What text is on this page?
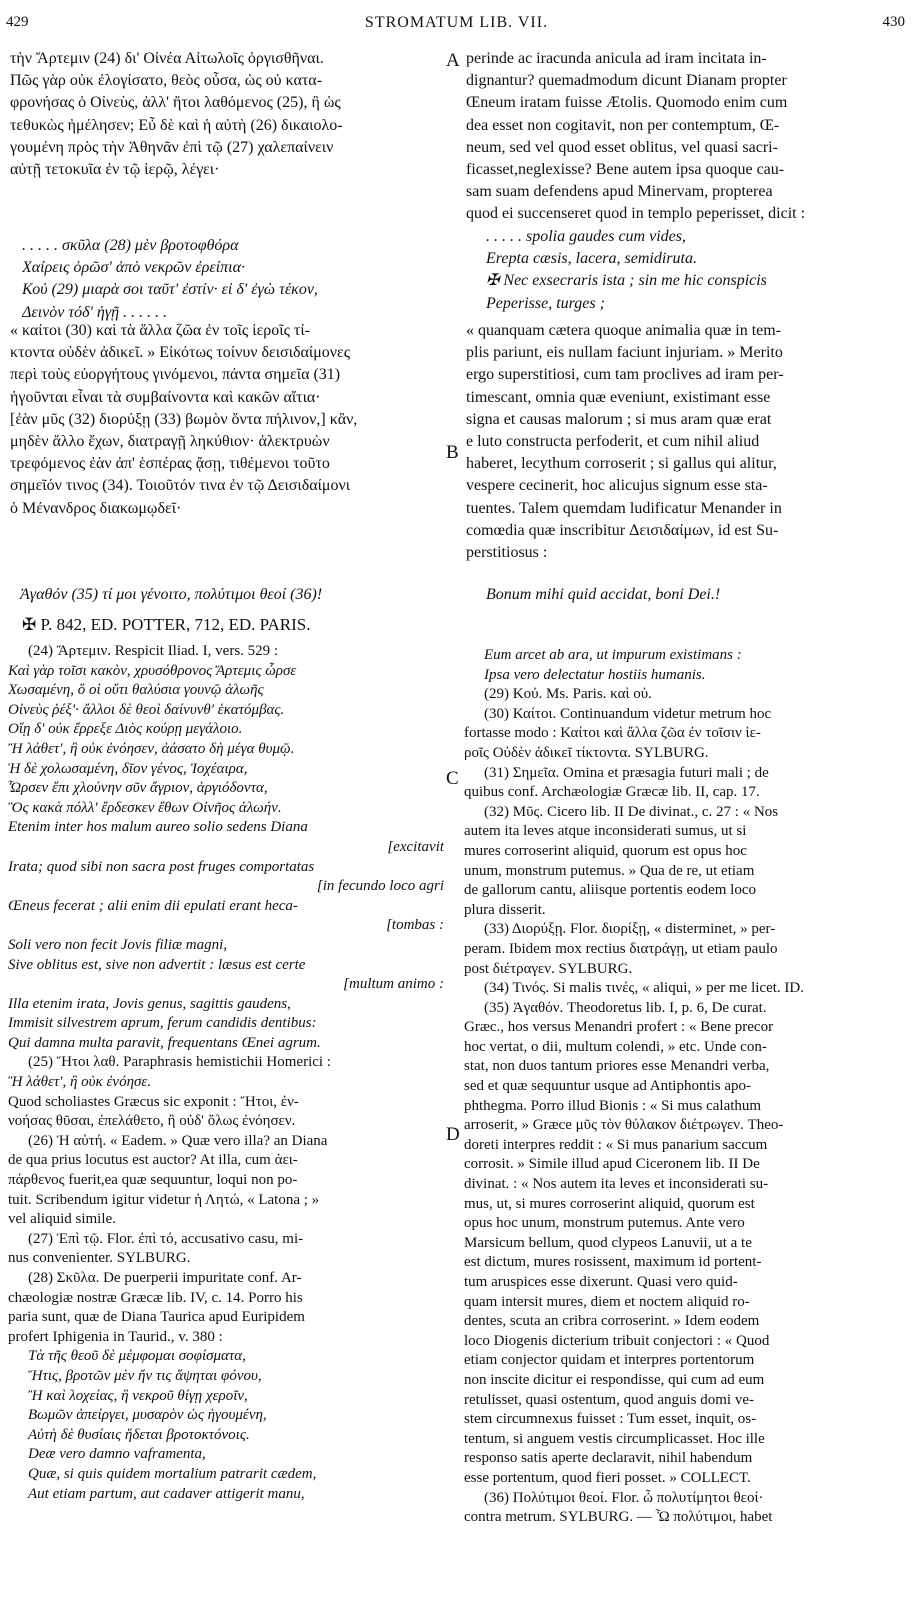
429	STROMATUM LIB. VII.	430
A
B
C
D
τὴν Ἄρτεμιν (24) δι' Οἰνέα Αἰτωλοῖς ὀργισθῆναι.
Πῶς γὰρ οὐκ ἐλογίσατο, θεὸς οὖσα, ὡς οὐ κατα-
φρονήσας ὁ Οἰνεὺς, ἀλλ' ἤτοι λαθόμενος (25), ἢ ὡς
τεθυκὼς ἠμέλησεν; Εὖ δὲ καὶ ἡ αὐτὴ (26) δικαιολο-
γουμένη πρὸς τὴν Ἀθηνᾶν ἐπὶ τῷ (27) χαλεπαίνειν
αὐτῇ τετοκυῖα ἐν τῷ ἱερῷ, λέγει·
. . . . . σκῦλα (28) μὲν βροτοφθόρα
Χαίρεις ὁρῶσ' ἀπὸ νεκρῶν ἐρείπια·
Κοὐ (29) μιαρὰ σοι ταῦτ' ἐστίν· εἰ δ' ἐγὼ τέκον,
Δεινὸν τόδ' ἡγῇ . . . . . .
« καίτοι (30) καὶ τὰ ἄλλα ζῶα ἐν τοῖς ἱεροῖς τί-
κτοντα οὐδὲν ἀδικεῖ. » Εἰκότως τοίνυν δεισιδαίμονες
περὶ τοὺς εὐοργήτους γινόμενοι, πάντα σημεῖα (31)
ἡγοῦνται εἶναι τὰ συμβαίνοντα καὶ κακῶν αἴτια·
[ἐὰν μῦς (32) διορύξῃ (33) βωμὸν ὄντα πήλινον,] κἂν,
μηδὲν ἄλλο ἔχων, διατραγῇ ληκύθιον· ἀλεκτρυὼν
τρεφόμενος ἐὰν ἀπ' ἑσπέρας ᾄσῃ, τιθέμενοι τοῦτο
σημεῖόν τινος (34). Τοιοῦτόν τινα ἐν τῷ Δεισιδαίμονι
ὁ Μένανδρος διακωμῳδεῖ·
Ἀγαθόν (35) τί μοι γένοιτο, πολύτιμοι θεοί (36)!
perinde ac iracunda anicula ad iram incitata in-
dignantur? quemadmodum dicunt Dianam propter
Œneum iratam fuisse Ætolis. Quomodo enim cum
dea esset non cogitavit, non per contemptum, Œ-
neum, sed vel quod esset oblitus, vel quasi sacri-
ficasset,neglexisse? Bene autem ipsa quoque cau-
sam suam defendens apud Minervam, propterea
quod ei succenseret quod in templo peperisset, dicit :
. . . . . spolia gaudes cum vides,
Erepta cæsis, lacera, semidiruta.
✠ Nec exsecraris ista ; sin me hic conspicis
Peperisse, turges ;
« quanquam cætera quoque animalia quæ in tem-
plis pariunt, eis nullam faciunt injuriam. » Merito
ergo superstitiosi, cum tam proclives ad iram per-
timescant, omnia quæ eveniunt, existimant esse
signa et causas malorum ; si mus aram quæ erat
e luto constructa perfoderit, et cum nihil aliud
haberet, lecythum corroserit ; si gallus qui alitur,
vespere cecinerit, hoc alicujus signum esse sta-
tuentes. Talem quemdam ludificatur Menander in
comœdia quæ inscribitur Δεισιδαίμων, id est Su-
perstitiosus :
Bonum mihi quid accidat, boni Dei.!
✠ P. 842, ED. POTTER, 712, ED. PARIS.
(24) Ἄρτεμιν. Respicit Iliad. I, vers. 529 :
Καὶ γὰρ τοῖσι κακὸν, χρυσόθρονος Ἄρτεμις ὦρσε
Χωσαμένη, ὅ οἱ οὔτι θαλύσια γουνῷ ἀλωῆς
Οἰνεὺς ῥέξ'· ἄλλοι δὲ θεοὶ δαίνυνθ' ἑκατόμβας.
Οἴῃ δ' οὐκ ἔρρεξε Διὸς κούρῃ μεγάλοιο.
Ἢ λάθετ', ἢ οὐκ ἐνόησεν, ἀάσατο δὴ μέγα θυμῷ.
Ἡ δὲ χολωσαμένη, δῖον γένος, Ἰοχέαιρα,
Ὦρσεν ἔπι χλούνην σῦν ἄγριον, ἀργιόδοντα,
Ὃς κακὰ πόλλ' ἔρδεσκεν ἔθων Οἰνῆος ἀλωήν.
Etenim inter hos malum aureo solio sedens Diana
[excitavit
Irata; quod sibi non sacra post fruges comportatas
[in fecundo loco agri
Œneus fecerat ; alii enim dii epulati erant heca-
[tombas :
Soli vero non fecit Jovis filiæ magni,
Sive oblitus est, sive non advertit : læsus est certe
[multum animo :
Illa etenim irata, Jovis genus, sagittis gaudens,
Immisit silvestrem aprum, ferum candidis dentibus:
Qui damna multa paravit, frequentans Œnei agrum.
(25) Ἤτοι λαθ. Paraphrasis hemistichii Homerici :
Ἢ λάθετ', ἢ οὐκ ἐνόησε.
Quod scholiastes Græcus sic exponit : Ἤτοι, ἐν-
νοήσας θῦσαι, ἐπελάθετο, ἢ οὐδ' ὅλως ἐνόησεν.
(26) Ἡ αὐτή. « Eadem. » Quæ vero illa? an Diana
de qua prius locutus est auctor? At illa, cum ἀει-
πάρθενος fuerit,ea quæ sequuntur, loqui non po-
tuit. Scribendum igitur videtur ἡ Λητώ, « Latona ; »
vel aliquid simile.
(27) Ἐπὶ τῷ. Flor. ἐπὶ τό, accusativo casu, mi-
nus convenienter. SYLBURG.
(28) Σκῦλα. De puerperii impuritate conf. Ar-
chæologiæ nostræ Græcæ lib. IV, c. 14. Porro his
paria sunt, quæ de Diana Taurica apud Euripidem
profert Iphigenia in Taurid., v. 380 :
Τὰ τῆς θεοῦ δὲ μέμφομαι σοφίσματα,
Ἥτις, βροτῶν μὲν ἤν τις ἅψηται φόνου,
Ἢ καὶ λοχείας, ἢ νεκροῦ θίγῃ χεροῖν,
Βωμῶν ἀπείργει, μυσαρὸν ὡς ἡγουμένη,
Αὐτὴ δὲ θυσίαις ἥδεται βροτοκτόνοις.
Deæ vero damno vaframenta,
Quæ, si quis quidem mortalium patrarit cædem,
Aut etiam partum, aut cadaver attigerit manu,
Eum arcet ab ara, ut impurum existimans :
Ipsa vero delectatur hostiis humanis.
(29) Κοὐ. Ms. Paris. καὶ οὐ.
(30) Καίτοι. Continuandum videtur metrum hoc
fortasse modo : Καίτοι καὶ ἄλλα ζῶα ἐν τοῖσιν ἱε-
ροῖς Οὐδὲν ἀδικεῖ τίκτοντα. SYLBURG.
(31) Σημεῖα. Omina et præsagia futuri mali ; de
quibus conf. Archæologiæ Græcæ lib. II, cap. 17.
(32) Μῦς. Cicero lib. II De divinat., c. 27 : « Nos
autem ita leves atque inconsiderati sumus, ut si
mures corroserint aliquid, quorum est opus hoc
unum, monstrum putemus. » Qua de re, ut etiam
de gallorum cantu, aliisque portentis eodem loco
plura disserit.
(33) Διορύξῃ. Flor. διορίξῃ, « disterminet, » per-
peram. Ibidem mox rectius διατράγῃ, ut etiam paulo
post διέτραγεν. SYLBURG.
(34) Τινός. Si malis τινές, « aliqui, » per me licet. ID.
(35) Ἀγαθόν. Theodoretus lib. I, p. 6, De curat.
Græc., hos versus Menandri profert : « Bene precor
hoc vertat, o dii, multum colendi, » etc. Unde con-
stat, non duos tantum priores esse Menandri verba,
sed et quæ sequuntur usque ad Antiphontis apo-
phthegma. Porro illud Bionis : « Si mus calathum
arroserit, » Græce μῦς τὸν θύλακον διέτρωγεν. Theo-
doreti interpres reddit : « Si mus panarium saccum
corrosit. » Simile illud apud Ciceronem lib. II De
divinat. : « Nos autem ita leves et inconsiderati su-
mus, ut, si mures corroserint aliquid, quorum est
opus hoc unum, monstrum putemus. Ante vero
Marsicum bellum, quod clypeos Lanuvii, ut a te
est dictum, mures rosissent, maximum id portent-
tum aruspices esse dixerunt. Quasi vero quid-
quam intersit mures, diem et noctem aliquid ro-
dentes, scuta an cribra corroserint. » Idem eodem
loco Diogenis dicterium tribuit conjectori : « Quod
etiam conjector quidam et interpres portentorum
non inscite dicitur ei respondisse, qui cum ad eum
retulisset, quasi ostentum, quod anguis domi ve-
stem circumnexus fuisset : Tum esset, inquit, os-
tentum, si anguem vestis circumplicasset. Hoc ille
responso satis aperte declaravit, nihil habendum
esse portentum, quod fieri posset. » COLLECT.
(36) Πολύτιμοι θεοί. Flor. ὦ πολυτίμητοι θεοί·
contra metrum. SYLBURG. — Ὦ πολύτιμοι, habet
